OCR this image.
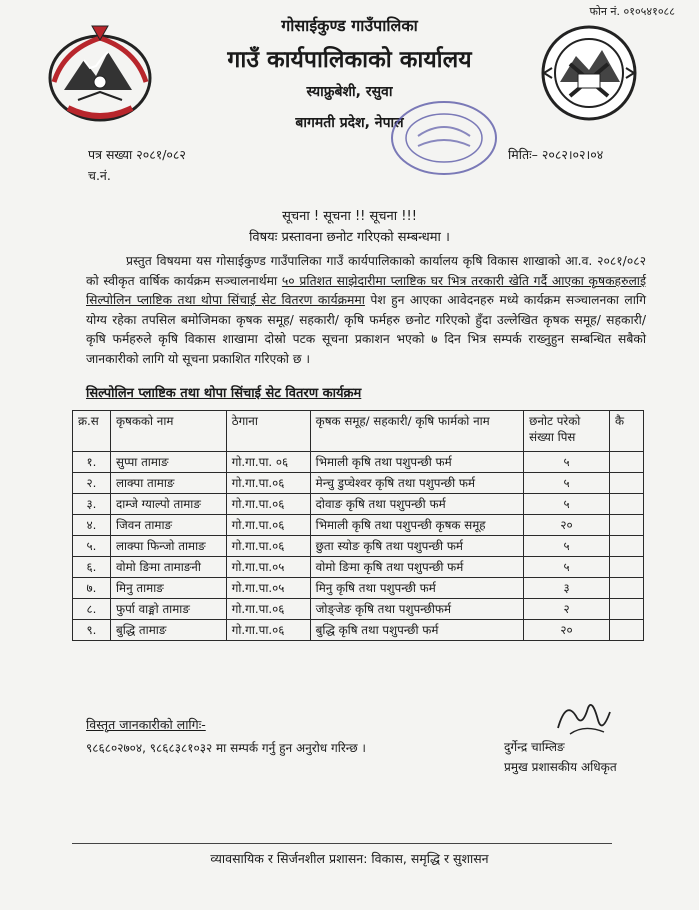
फोन नं. ०१०५४१०८८
गोसाईकुण्ड गाउँपालिका
गाउँ कार्यपालिकाको कार्यालय
स्याफ्रुबेशी, रसुवा
बागमती प्रदेश, नेपाल
पत्र सख्या २०८१/०८२
च.नं.
मितिः– २०८२।०२।०४
सूचना ! सूचना !! सूचना !!!
विषयः प्रस्तावना छनोट गरिएको सम्बन्धमा ।
प्रस्तुत विषयमा यस गोसाईकुण्ड गाउँपालिका गाउँ कार्यपालिकाको कार्यालय कृषि विकास शाखाको आ.व. २०८१/०८२ को स्वीकृत वार्षिक कार्यक्रम सञ्चालनार्थमा ५० प्रतिशत साझेदारीमा प्लाष्टिक घर भित्र तरकारी खेति गर्दै आएका कृषकहरुलाई सिल्पोलिन प्लाष्टिक तथा थोपा सिंचाई सेट वितरण कार्यक्रममा पेश हुन आएका आवेदनहरु मध्ये कार्यक्रम सञ्चालनका लागि योग्य रहेका तपसिल बमोजिमका कृषक समूह/ सहकारी/ कृषि फर्महरु छनोट गरिएको हुँदा उल्लेखित कृषक समूह/ सहकारी/ कृषि फर्महरुले कृषि विकास शाखामा दोस्रो पटक सूचना प्रकाशन भएको ७ दिन भित्र सम्पर्क राख्नुहुन सम्बन्धित सबैको जानकारीको लागि यो सूचना प्रकाशित गरिएको छ ।
सिल्पोलिन प्लाष्टिक तथा थोपा सिंचाई सेट वितरण कार्यक्रम
क्र.स	कृषकको नाम	ठेगाना	कृषक समूह/ सहकारी/ कृषि फार्मको नाम	छनोट परेको संख्या पिस	कै
१.	सुप्पा तामाङ	गो.गा.पा. ०६	भिमाली कृषि तथा पशुपन्छी फर्म	५	
२.	लाक्पा तामाङ	गो.गा.पा.०६	मेन्चु डुप्चेश्वर कृषि तथा पशुपन्छी फर्म	५	
३.	दाम्जे ग्याल्पो तामाङ	गो.गा.पा.०६	दोवाङ कृषि तथा पशुपन्छी फर्म	५	
४.	जिवन तामाङ	गो.गा.पा.०६	भिमाली कृषि तथा पशुपन्छी कृषक समूह	२०	
५.	लाक्पा फिन्जो तामाङ	गो.गा.पा.०६	छुता स्योङ कृषि तथा पशुपन्छी फर्म	५	
६.	वोमो ङिमा तामाङनी	गो.गा.पा.०५	वोमो ङिमा कृषि तथा पशुपन्छी फर्म	५	
७.	मिनु तामाङ	गो.गा.पा.०५	मिनु कृषि तथा पशुपन्छी फर्म	३	
८.	फुर्पा वाङ्मो तामाङ	गो.गा.पा.०६	जोङ्जेङ कृषि तथा पशुपन्छीफर्म	२	
९.	बुद्धि तामाङ	गो.गा.पा.०६	बुद्धि कृषि तथा पशुपन्छी फर्म	२०	
विस्तृत जानकारीको लागिः-
९८६८०२७०४, ९८६८३८१०३२ मा सम्पर्क गर्नु हुन अनुरोध गरिन्छ ।	दुर्गेन्द्र चाम्लिङ
प्रमुख प्रशासकीय अधिकृत
व्यावसायिक र सिर्जनशील प्रशासन: विकास, समृद्धि र सुशासन
